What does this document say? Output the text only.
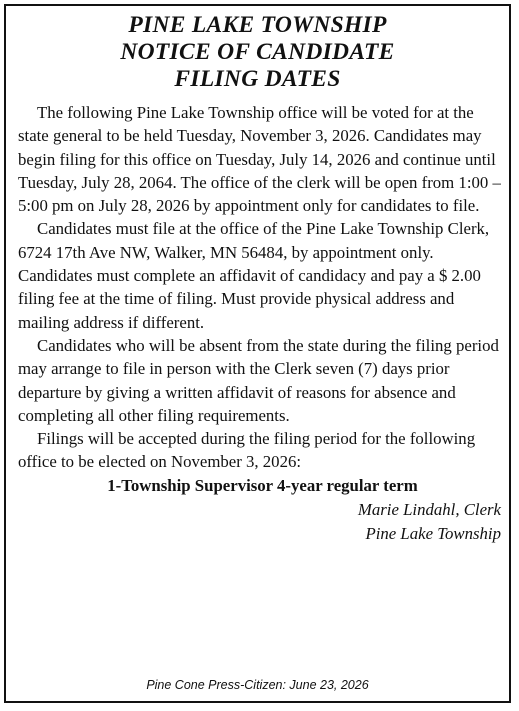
PINE LAKE TOWNSHIP
NOTICE OF CANDIDATE
FILING DATES

The following Pine Lake Township office will be voted for at the state general to be held Tuesday, November 3, 2026. Candidates may begin filing for this office on Tuesday, July 14, 2026 and continue until Tuesday, July 28, 2064. The office of the clerk will be open from 1:00 – 5:00 pm on July 28, 2026 by appointment only for candidates to file.

Candidates must file at the office of the Pine Lake Township Clerk, 6724 17th Ave NW, Walker, MN 56484, by appointment only. Candidates must complete an affidavit of candidacy and pay a $ 2.00 filing fee at the time of filing. Must provide physical address and mailing address if different.

Candidates who will be absent from the state during the filing period may arrange to file in person with the Clerk seven (7) days prior departure by giving a written affidavit of reasons for absence and completing all other filing requirements.

Filings will be accepted during the filing period for the following office to be elected on November 3, 2026:

1-Township Supervisor 4-year regular term

Marie Lindahl, Clerk

Pine Lake Township

Pine Cone Press-Citizen: June 23, 2026
